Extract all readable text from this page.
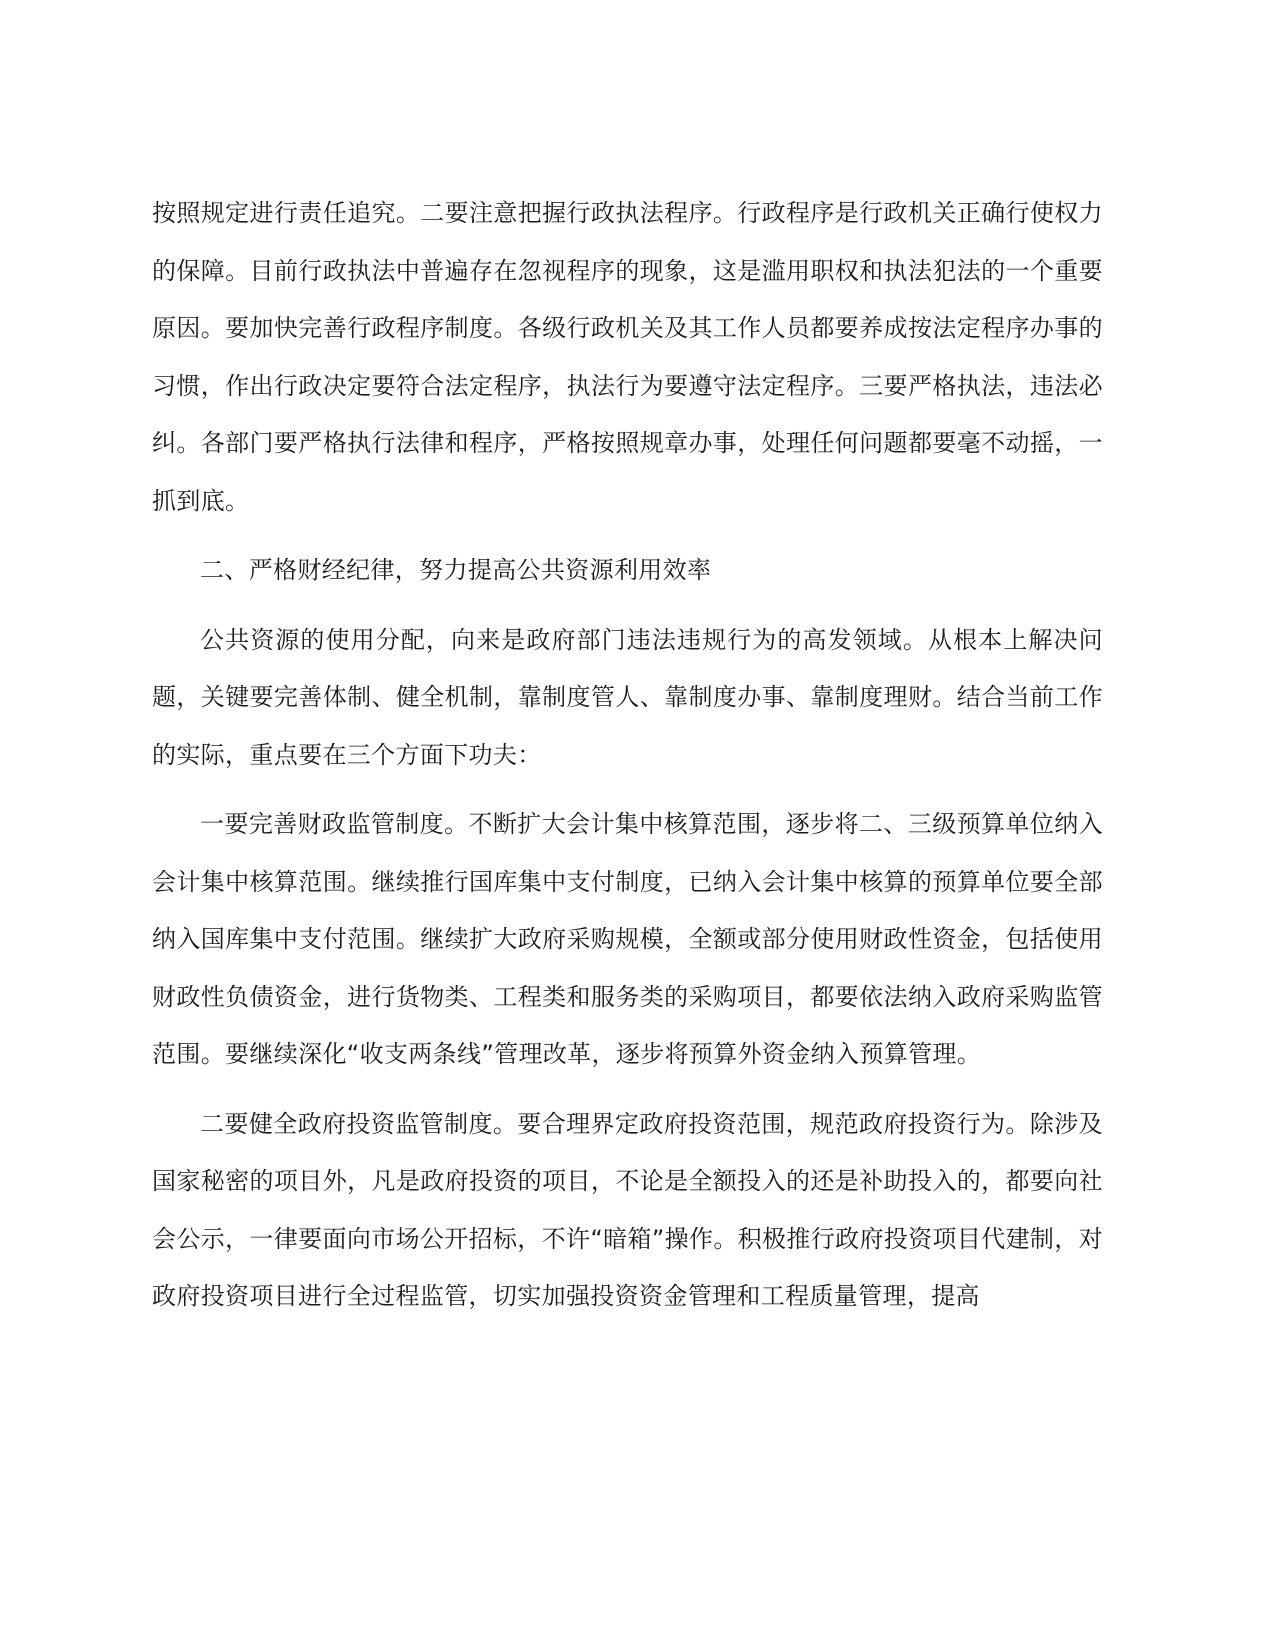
按照规定进行责任追究。二要注意把握行政执法程序。行政程序是行政机关正确行使权力的保障。目前行政执法中普遍存在忽视程序的现象，这是滥用职权和执法犯法的一个重要原因。要加快完善行政程序制度。各级行政机关及其工作人员都要养成按法定程序办事的习惯，作出行政决定要符合法定程序，执法行为要遵守法定程序。三要严格执法，违法必纠。各部门要严格执行法律和程序，严格按照规章办事，处理任何问题都要毫不动摇，一抓到底。

二、严格财经纪律，努力提高公共资源利用效率

公共资源的使用分配，向来是政府部门违法违规行为的高发领域。从根本上解决问题，关键要完善体制、健全机制，靠制度管人、靠制度办事、靠制度理财。结合当前工作的实际，重点要在三个方面下功夫：

一要完善财政监管制度。不断扩大会计集中核算范围，逐步将二、三级预算单位纳入会计集中核算范围。继续推行国库集中支付制度，已纳入会计集中核算的预算单位要全部纳入国库集中支付范围。继续扩大政府采购规模，全额或部分使用财政性资金，包括使用财政性负债资金，进行货物类、工程类和服务类的采购项目，都要依法纳入政府采购监管范围。要继续深化“收支两条线”管理改革，逐步将预算外资金纳入预算管理。

二要健全政府投资监管制度。要合理界定政府投资范围，规范政府投资行为。除涉及国家秘密的项目外，凡是政府投资的项目，不论是全额投入的还是补助投入的，都要向社会公示，一律要面向市场公开招标，不许“暗箱”操作。积极推行政府投资项目代建制，对政府投资项目进行全过程监管，切实加强投资资金管理和工程质量管理，提高
